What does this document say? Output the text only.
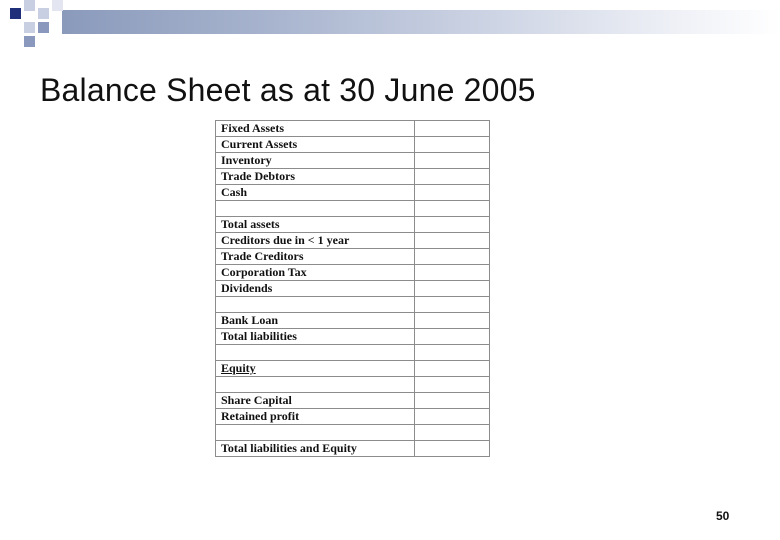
Balance Sheet as at 30 June 2005
Fixed Assets	
Current Assets	
Inventory	
Trade Debtors	
Cash	

Total assets	
Creditors due in < 1 year	
Trade Creditors	
Corporation Tax	
Dividends	

Bank Loan	
Total liabilities	

Equity	

Share Capital	
Retained profit	

Total liabilities and Equity	
50
